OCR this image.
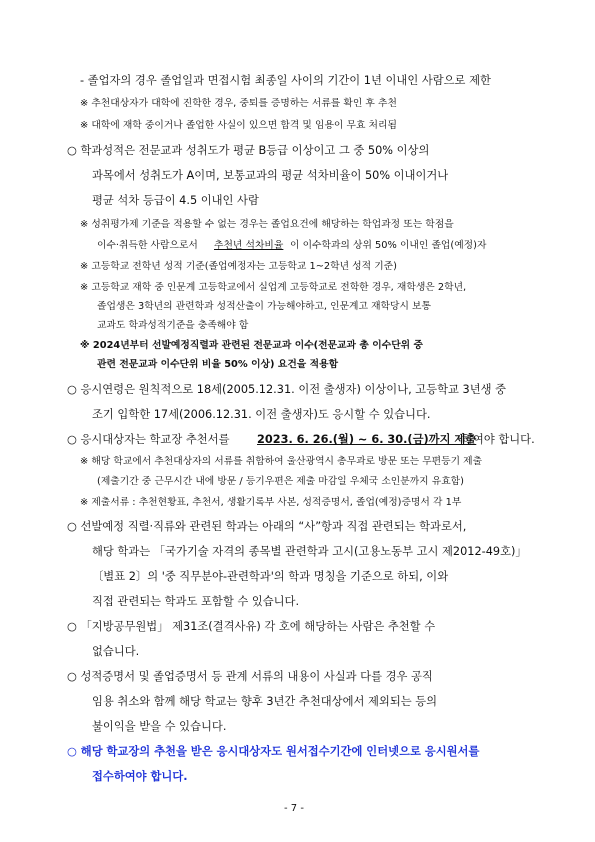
- 졸업자의 경우 졸업일과 면접시험 최종일 사이의 기간이 1년 이내인 사람으로 제한
※ 추천대상자가 대학에 진학한 경우, 중퇴를 증명하는 서류를 확인 후 추천
※ 대학에 재학 중이거나 졸업한 사실이 있으면 합격 및 임용이 무효 처리됨
○ 학과성적은 전문교과 성취도가 평균 B등급 이상이고 그 중 50% 이상의
과목에서 성취도가 A이며, 보통교과의 평균 석차비율이 50% 이내이거나
평균 석차 등급이 4.5 이내인 사람
※ 성취평가제 기준을 적용할 수 없는 경우는 졸업요건에 해당하는 학업과정 또는 학점을
이수·취득한 사람으로서 추천년 석차비율 이 이수학과의 상위 50% 이내인 졸업(예정)자
※ 고등학교 전학년 성적 기준(졸업예정자는 고등학교 1~2학년 성적 기준)
※ 고등학교 재학 중 인문계 고등학교에서 실업계 고등학교로 전학한 경우, 재학생은 2학년,
졸업생은 3학년의 관련학과 성적산출이 가능해야하고, 인문계고 재학당시 보통
교과도 학과성적기준을 충족해야 함
※ 2024년부터 선발예정직렬과 관련된 전문교과 이수(전문교과 총 이수단위 중
관련 전문교과 이수단위 비율 50% 이상) 요건을 적용함
○ 응시연령은 원칙적으로 18세(2005.12.31. 이전 출생자) 이상이나, 고등학교 3년생 중
조기 입학한 17세(2006.12.31. 이전 출생자)도 응시할 수 있습니다.
○ 응시대상자는 학교장 추천서를 2023. 6. 26.(월) ~ 6. 30.(금)까지 제출
하여야 합니다.
※ 해당 학교에서 추천대상자의 서류를 취합하여 울산광역시 총무과로 방문 또는 무편등기 제출
(제출기간 중 근무시간 내에 방문 / 등기우편은 제출 마감일 우체국 소인분까지 유효함)
※ 제출서류 : 추천현황표, 추천서, 생활기록부 사본, 성적증명서, 졸업(예정)증명서 각 1부
○ 선발예정 직렬·직류와 관련된 학과는 아래의 “사”항과 직접 관련되는 학과로서,
해당 학과는 「국가기술 자격의 종목별 관련학과 고시(고용노동부 고시 제2012-49호)」
〔별표 2〕의 '중 직무분야-관련학과'의 학과 명칭을 기준으로 하되, 이와
직접 관련되는 학과도 포함할 수 있습니다.
○ 「지방공무원법」 제31조(결격사유) 각 호에 해당하는 사람은 추천할 수
없습니다.
○ 성적증명서 및 졸업증명서 등 관계 서류의 내용이 사실과 다를 경우 공직
임용 취소와 함께 해당 학교는 향후 3년간 추천대상에서 제외되는 등의
불이익을 받을 수 있습니다.
○ 해당 학교장의 추천을 받은 응시대상자도 원서접수기간에 인터넷으로 응시원서를
접수하여야 합니다.
- 7 -
